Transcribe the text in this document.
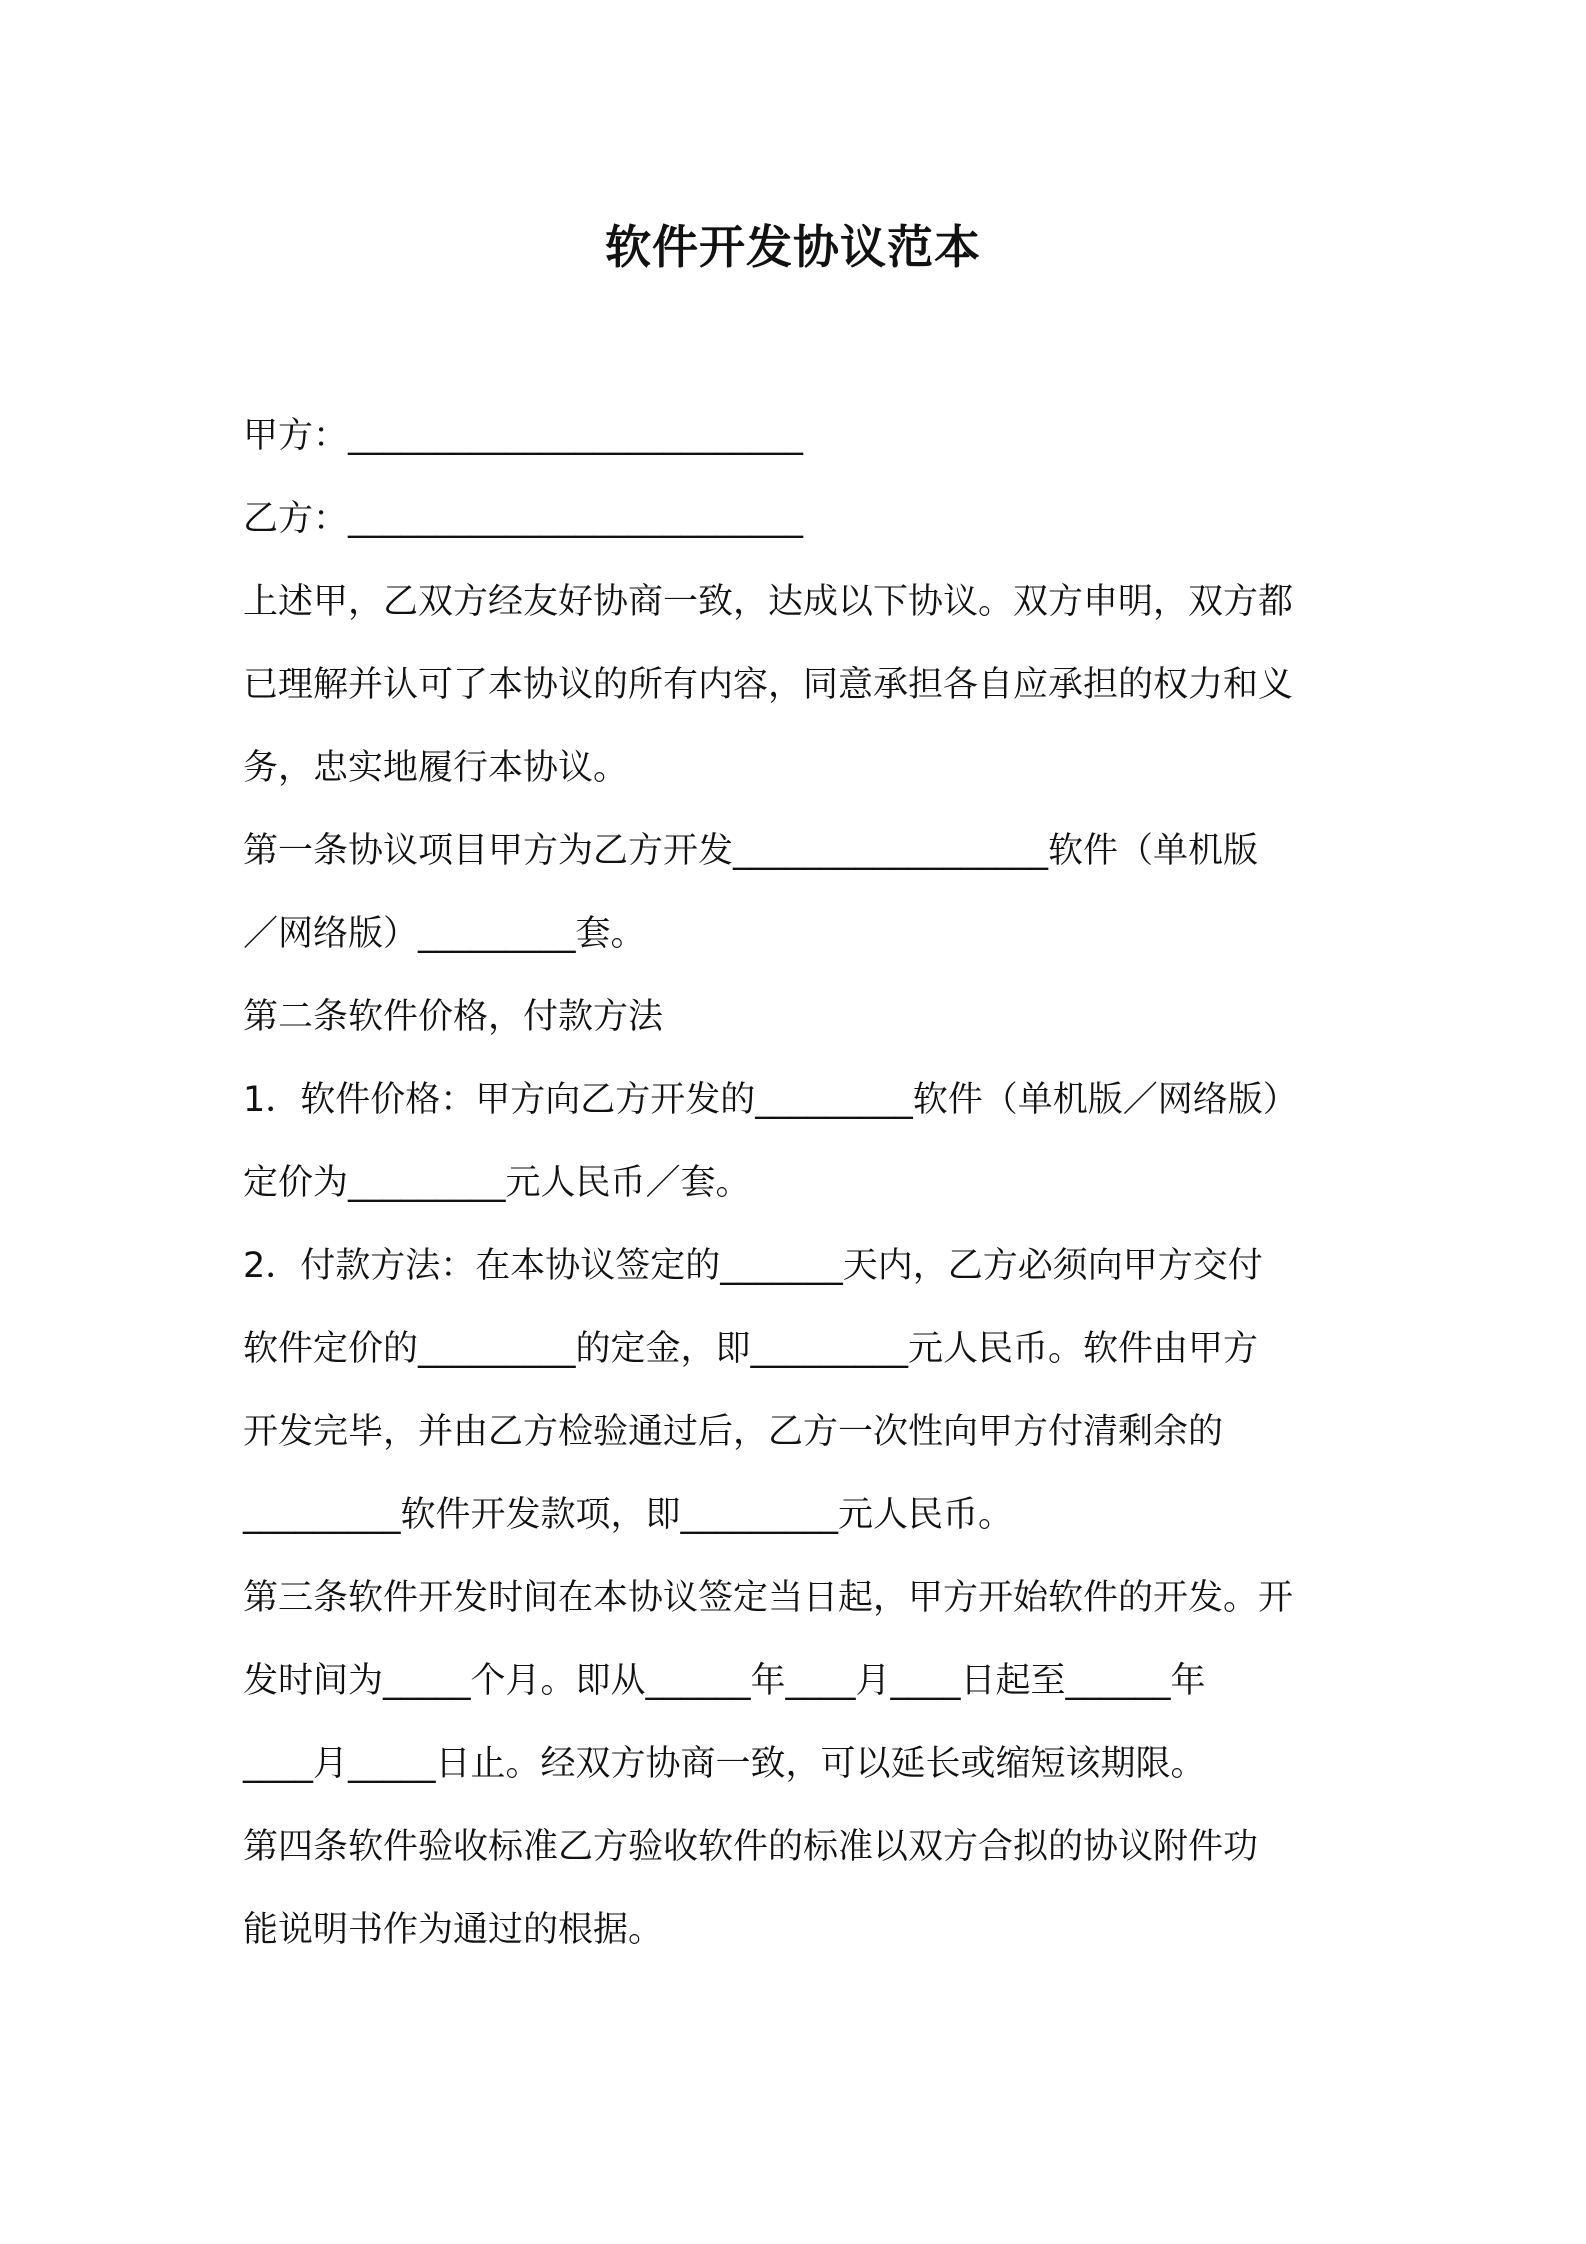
软件开发协议范本
甲方：__________________________
乙方：__________________________
上述甲，乙双方经友好协商一致，达成以下协议。双方申明，双方都
已理解并认可了本协议的所有内容，同意承担各自应承担的权力和义
务，忠实地履行本协议。
第一条协议项目甲方为乙方开发__________________软件（单机版
／网络版）_________套。
第二条软件价格，付款方法
1．软件价格：甲方向乙方开发的_________软件（单机版／网络版）
定价为_________元人民币／套。
2．付款方法：在本协议签定的_______天内，乙方必须向甲方交付
软件定价的_________的定金，即_________元人民币。软件由甲方
开发完毕，并由乙方检验通过后，乙方一次性向甲方付清剩余的
_________软件开发款项，即_________元人民币。
第三条软件开发时间在本协议签定当日起，甲方开始软件的开发。开
发时间为_____个月。即从______年____月____日起至______年
____月_____日止。经双方协商一致，可以延长或缩短该期限。
第四条软件验收标准乙方验收软件的标准以双方合拟的协议附件功
能说明书作为通过的根据。
